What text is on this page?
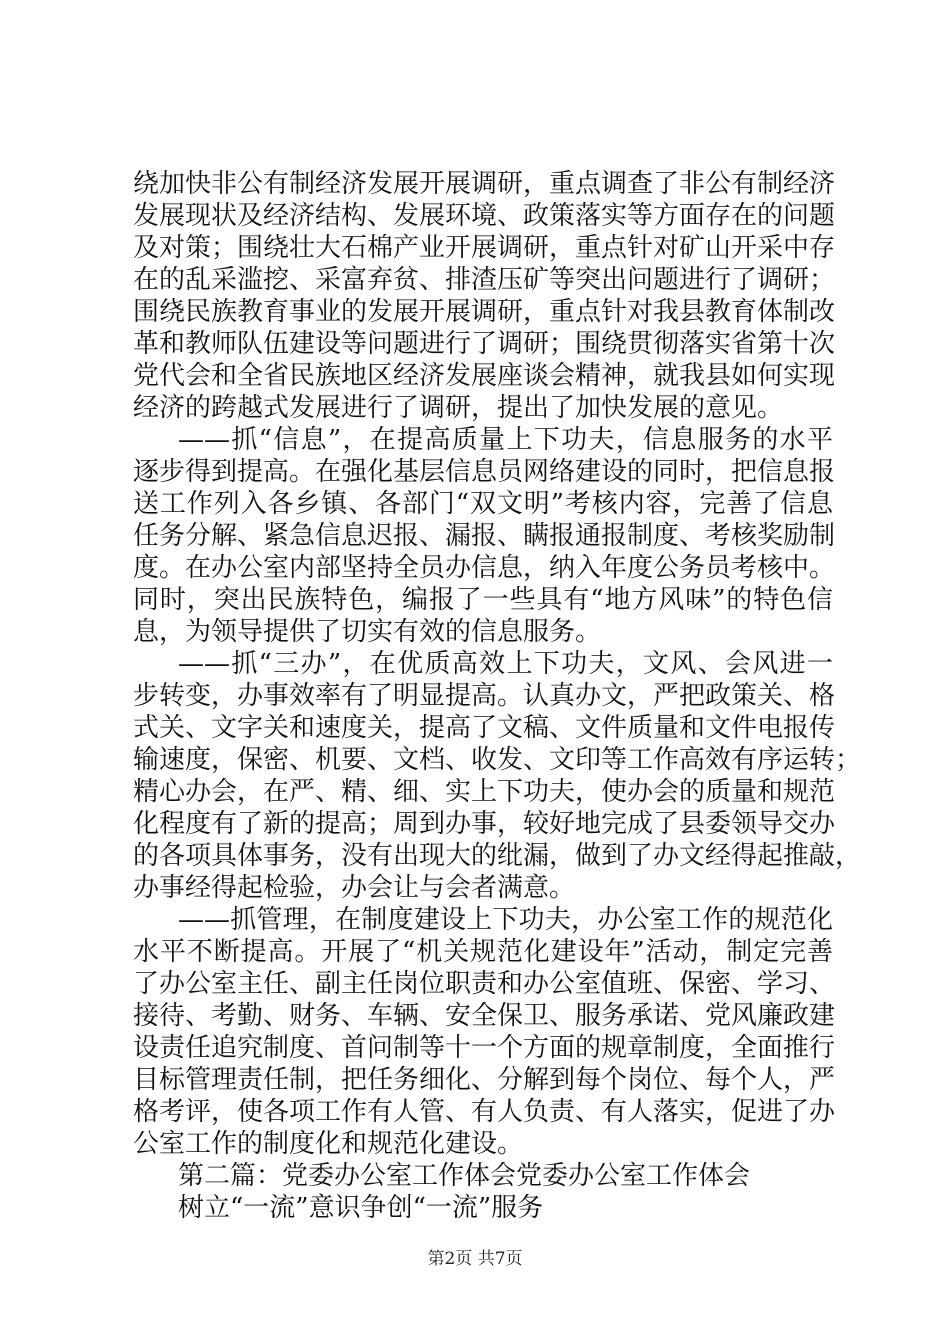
绕加快非公有制经济发展开展调研，重点调查了非公有制经济
发展现状及经济结构、发展环境、政策落实等方面存在的问题
及对策；围绕壮大石棉产业开展调研，重点针对矿山开采中存
在的乱采滥挖、采富弃贫、排渣压矿等突出问题进行了调研；
围绕民族教育事业的发展开展调研，重点针对我县教育体制改
革和教师队伍建设等问题进行了调研；围绕贯彻落实省第十次
党代会和全省民族地区经济发展座谈会精神，就我县如何实现
经济的跨越式发展进行了调研，提出了加快发展的意见。
——抓“信息”，在提高质量上下功夫，信息服务的水平
逐步得到提高。在强化基层信息员网络建设的同时，把信息报
送工作列入各乡镇、各部门“双文明”考核内容，完善了信息
任务分解、紧急信息迟报、漏报、瞒报通报制度、考核奖励制
度。在办公室内部坚持全员办信息，纳入年度公务员考核中。
同时，突出民族特色，编报了一些具有“地方风味”的特色信
息，为领导提供了切实有效的信息服务。
——抓“三办”，在优质高效上下功夫，文风、会风进一
步转变，办事效率有了明显提高。认真办文，严把政策关、格
式关、文字关和速度关，提高了文稿、文件质量和文件电报传
输速度，保密、机要、文档、收发、文印等工作高效有序运转；
精心办会，在严、精、细、实上下功夫，使办会的质量和规范
化程度有了新的提高；周到办事，较好地完成了县委领导交办
的各项具体事务，没有出现大的纰漏，做到了办文经得起推敲，
办事经得起检验，办会让与会者满意。
——抓管理，在制度建设上下功夫，办公室工作的规范化
水平不断提高。开展了“机关规范化建设年”活动，制定完善
了办公室主任、副主任岗位职责和办公室值班、保密、学习、
接待、考勤、财务、车辆、安全保卫、服务承诺、党风廉政建
设责任追究制度、首问制等十一个方面的规章制度，全面推行
目标管理责任制，把任务细化、分解到每个岗位、每个人，严
格考评，使各项工作有人管、有人负责、有人落实，促进了办
公室工作的制度化和规范化建设。
第二篇：党委办公室工作体会党委办公室工作体会
树立“一流”意识争创“一流”服务
第2页 共7页
